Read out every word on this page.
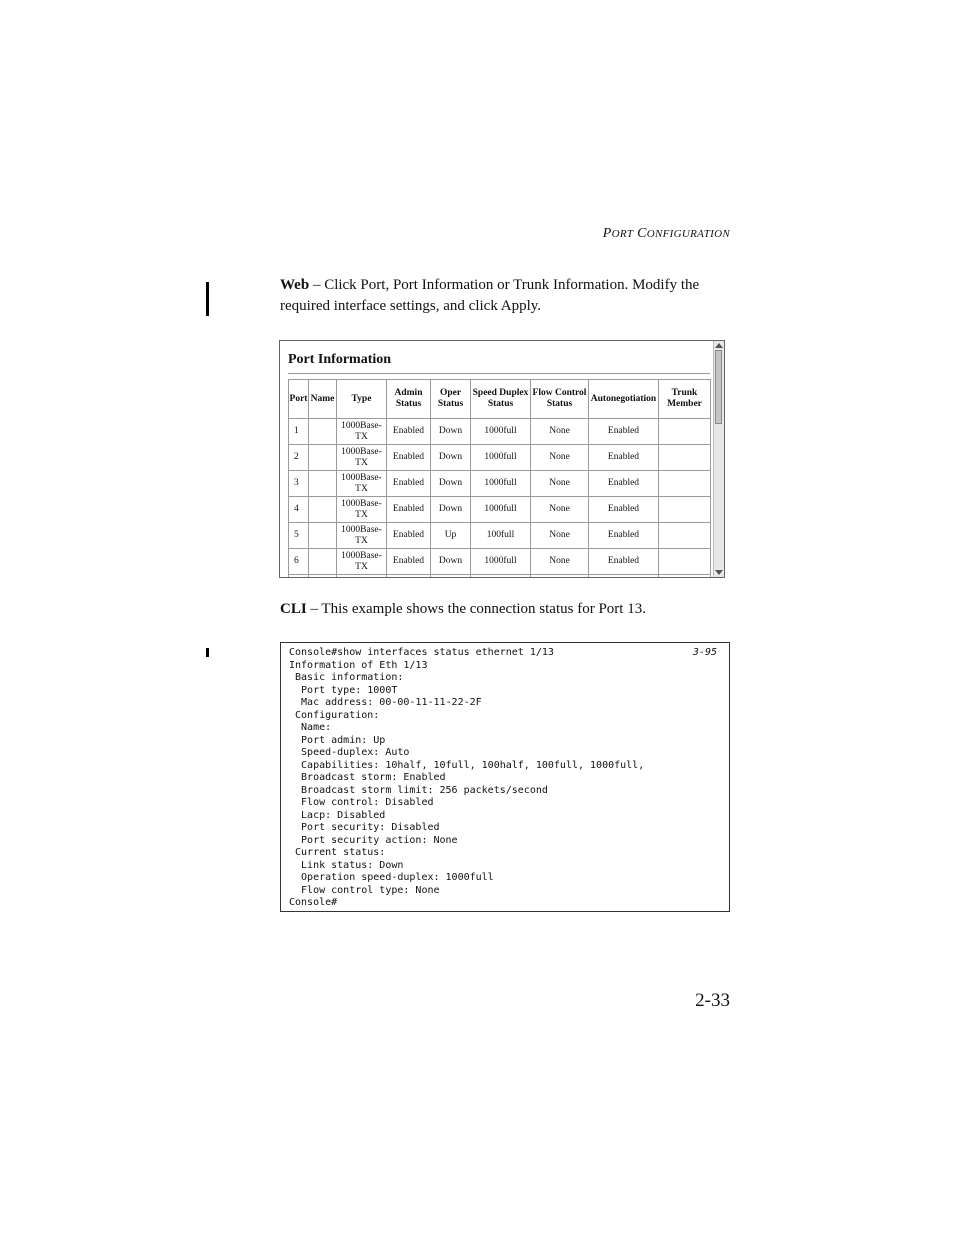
PORT CONFIGURATION
Web – Click Port, Port Information or Trunk Information. Modify the required interface settings, and click Apply.
Port Information
Port	Name	Type	Admin Status	Oper Status	Speed Duplex Status	Flow Control Status	Autonegotiation	Trunk Member
1		1000Base-TX	Enabled	Down	1000full	None	Enabled	
2		1000Base-TX	Enabled	Down	1000full	None	Enabled	
3		1000Base-TX	Enabled	Down	1000full	None	Enabled	
4		1000Base-TX	Enabled	Down	1000full	None	Enabled	
5		1000Base-TX	Enabled	Up	100full	None	Enabled	
6		1000Base-TX	Enabled	Down	1000full	None	Enabled	

CLI – This example shows the connection status for Port 13.
3-95
Console#show interfaces status ethernet 1/13
Information of Eth 1/13
Basic information:
Port type: 1000T
Mac address: 00-00-11-11-22-2F
Configuration:
Name:
Port admin: Up
Speed-duplex: Auto
Capabilities: 10half, 10full, 100half, 100full, 1000full,
Broadcast storm: Enabled
Broadcast storm limit: 256 packets/second
Flow control: Disabled
Lacp: Disabled
Port security: Disabled
Port security action: None
Current status:
Link status: Down
Operation speed-duplex: 1000full
Flow control type: None
Console#
2-33
